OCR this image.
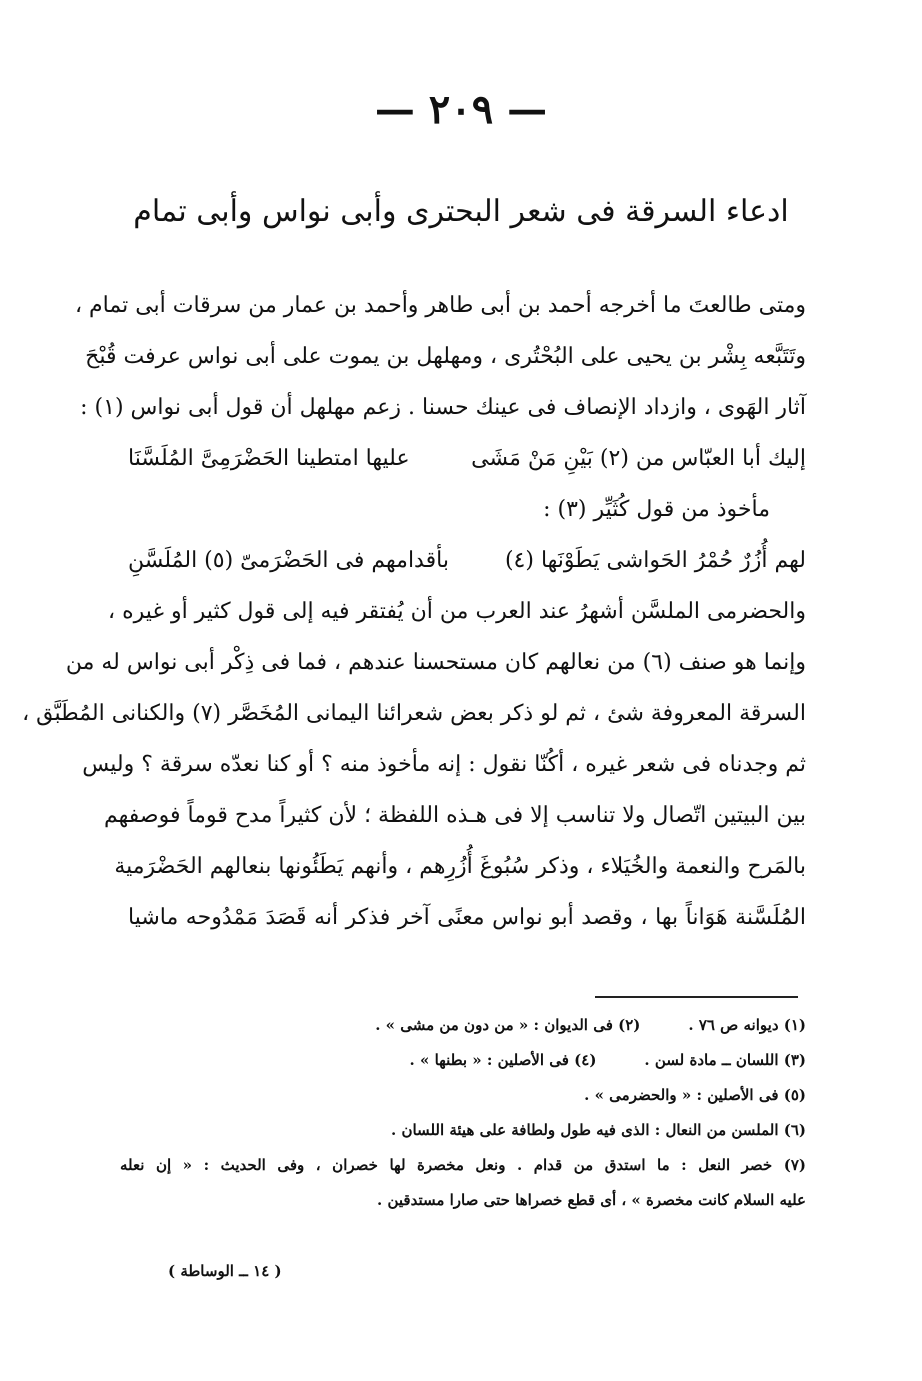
— ٢٠٩ —
ادعاء السرقة فى شعر البحترى وأبى نواس وأبى تمام
ومتى طالعتَ ما أخرجه أحمد بن أبى طاهر وأحمد بن عمار من سرقات أبى تمام ،
وتَتَبَّعه بِشْر بن يحيى على البُحْتُرى ، ومهلهل بن يموت على أبى نواس عرفت قُبْحَ
آثار الهَوى ، وازداد الإنصاف فى عينك حسنا . زعم مهلهل أن قول أبى نواس (١) :
إليك أبا العبّاس من (٢) بَيْنِ مَنْ مَشَى
عليها امتطينا الحَضْرَمِىَّ المُلَسَّنَا
مأخوذ من قول كُثَيِّر (٣) :
لهم أُزُرٌ حُمْرُ الحَواشى يَطَوْنَها (٤)
بأقدامهم فى الحَضْرَمىّ (٥) المُلَسَّنِ
والحضرمى الملسَّن أشهرُ عند العرب من أن يُفتقر فيه إلى قول كثير أو غيره ،
وإنما هو صنف (٦) من نعالهم كان مستحسنا عندهم ، فما فى ذِكْر أبى نواس له من
السرقة المعروفة شئ ، ثم لو ذكر بعض شعرائنا اليمانى المُخَصَّر (٧) والكنانى المُطَبَّق ،
ثم وجدناه فى شعر غيره ، أكُنّا نقول : إنه مأخوذ منه ؟ أو كنا نعدّه سرقة ؟ وليس
بين البيتين اتّصال ولا تناسب إلا فى هـذه اللفظة ؛ لأن كثيراً مدح قوماً فوصفهم
بالمَرح والنعمة والخُيَلاء ، وذكر سُبُوغَ أُزُرِهم ، وأنهم يَطَئُونها بنعالهم الحَضْرَمية
المُلَسَّنة هَوَاناً بها ، وقصد أبو نواس معنًى آخر فذكر أنه قَصَدَ مَمْدُوحه ماشيا
(١) ديوانه ص ٧٦ .(٢) فى الديوان : « من دون من مشى » .
(٣) اللسان ــ مادة لسن .(٤) فى الأصلين : « بطنها » .
(٥) فى الأصلين : « والحضرمى » .
(٦) الملسن من النعال : الذى فيه طول ولطافة على هيئة اللسان .
(٧) خصر النعل : ما استدق من قدام . ونعل مخصرة لها خصران ، وفى الحديث : « إن نعله
عليه السلام كانت مخصرة » ، أى قطع خصراها حتى صارا مستدقين .
( ١٤ ــ الوساطة )
